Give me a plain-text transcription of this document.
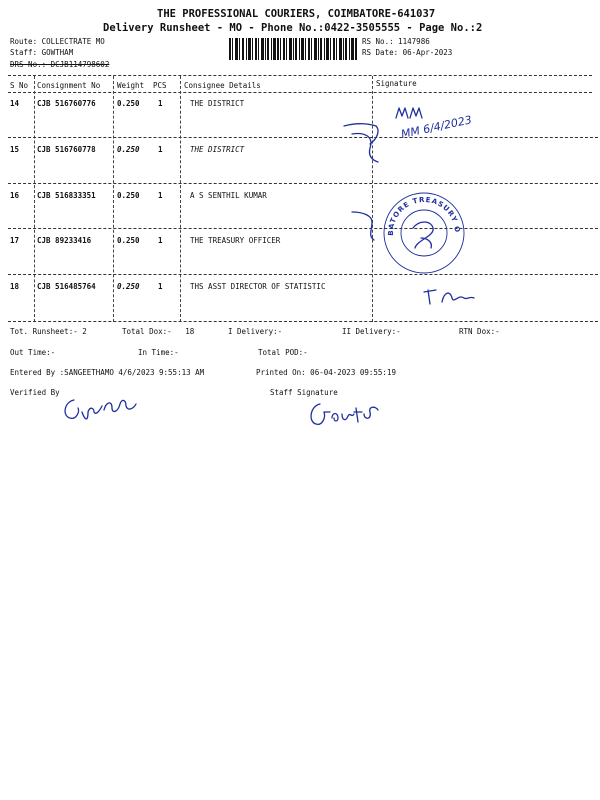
THE PROFESSIONAL COURIERS, COIMBATORE-641037
Delivery Runsheet - MO - Phone No.:0422-3505555 - Page No.:2
Route: COLLECTRATE MO
Staff: GOWTHAM
DRS No.: DCJB114798602
RS No.: 1147986
RS Date: 06-Apr-2023
S No Consignment No Weight PCS Consignee Details	Signature
14 CJB 516760776	0.250 1	THE DISTRICT
15 CJB 516760778	0.250 1	THE DISTRICT
16 CJB 516833351	0.250 1	A S SENTHIL KUMAR
17 CJB 89233416	0.250 1	THE TREASURY OFFICER
18 CJB 516485764	0.250 1	THS ASST DIRECTOR OF STATISTIC
MM 6/4/2023
COIMBATORE TREASURY OFFICE
Tot. Runsheet:- 2	Total Dox:-   18	I Delivery:-	II Delivery:-	RTN Dox:-
Out Time:-	In Time:-	Total POD:-
Entered By :SANGEETHAMO 4/6/2023 9:55:13 AM	Printed On: 06-04-2023 09:55:19
Verified By	Staff Signature
